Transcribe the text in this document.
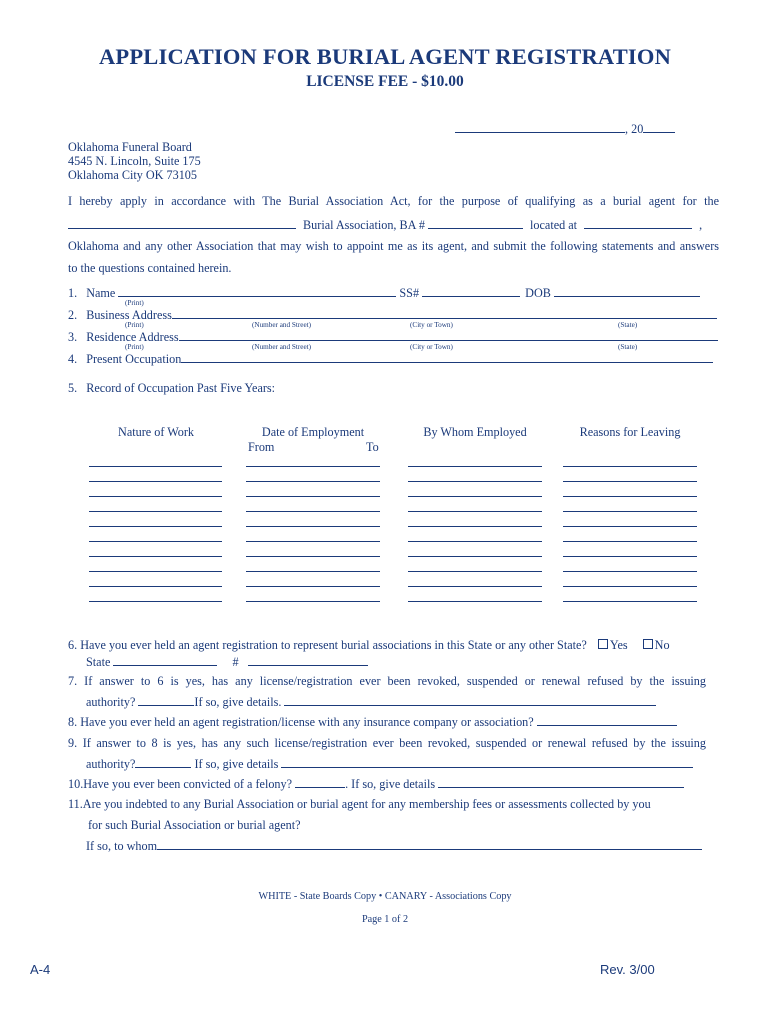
APPLICATION FOR BURIAL AGENT REGISTRATION
LICENSE FEE - $10.00
, 20
Oklahoma Funeral Board
4545 N. Lincoln, Suite 175
Oklahoma City OK 73105
I hereby apply in accordance with The Burial Association Act, for the purpose of qualifying as a burial agent for the
Burial Association, BA #	located at	,
Oklahoma and any other Association that may wish to appoint me as its agent, and submit the following statements and answers
to the questions contained herein.
1. Name	SS#	DOB
(Print)
2. Business Address
(Print)	(Number and Street)	(City or Town)	(State)
3. Residence Address
(Print)	(Number and Street)	(City or Town)	(State)
4. Present Occupation
5. Record of Occupation Past Five Years:
Nature of Work	Date of Employment	By Whom Employed	Reasons for Leaving
From	To
6. Have you ever held an agent registration to represent burial associations in this State or any other State? Yes No
State	#
7. If answer to 6 is yes, has any license/registration ever been revoked, suspended or renewal refused by the issuing
authority?	If so, give details.
8. Have you ever held an agent registration/license with any insurance company or association?
9. If answer to 8 is yes, has any such license/registration ever been revoked, suspended or renewal refused by the issuing
authority?	If so, give details
10.Have you ever been convicted of a felony?	. If so, give details
11.Are you indebted to any Burial Association or burial agent for any membership fees or assessments collected by you
for such Burial Association or burial agent?
If so, to whom
WHITE - State Boards Copy • CANARY - Associations Copy
Page 1 of 2
A-4	Rev. 3/00
